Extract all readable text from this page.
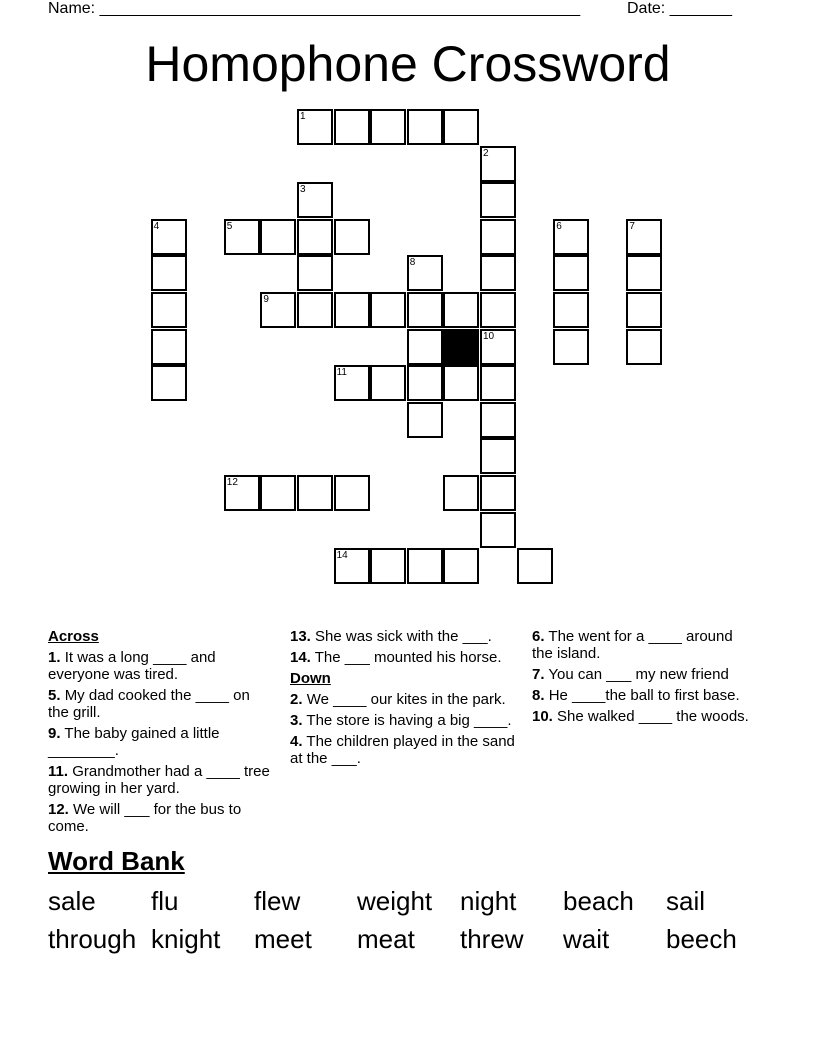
Name: ______________________________________________________	Date: _______
Homophone Crossword
1
2
10
3
4	5	6	7
8
9
11
12
14
Across
1. It was a long ____ and everyone was tired.
5. My dad cooked the ____ on the grill.
9. The baby gained a little ________.
11. Grandmother had a ____ tree growing in her yard.
12. We will ___ for the bus to come.
13. She was sick with the ___.
14. The ___ mounted his horse.
Down
2. We ____ our kites in the park.
3. The store is having a big ____.
4. The children played in the sand at the ___.
6. The went for a ____ around the island.
7. You can ___ my new friend
8. He ____the ball to first base.
10. She walked ____ the woods.
Word Bank
sale flu	flew weight night beach sail
through knight meet meat threw wait beech
